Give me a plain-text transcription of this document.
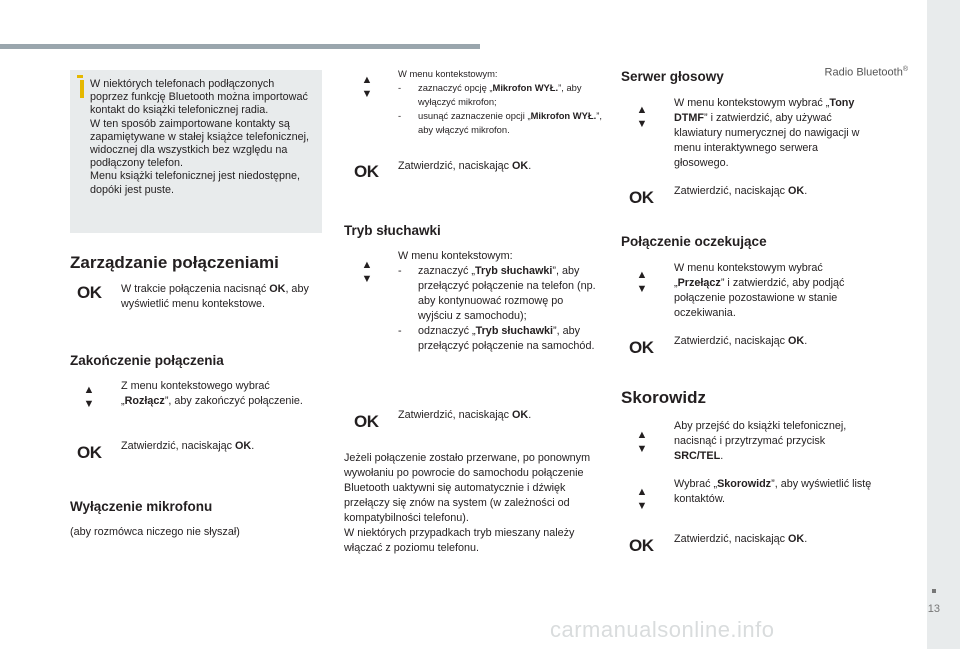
Radio Bluetooth®
13
carmanualsonline.info

W niektórych telefonach podłączonych poprzez funkcję Bluetooth można importować kontakt do książki telefonicznej radia.

W ten sposób zaimportowane kontakty są zapamiętywane w stałej książce telefonicznej, widocznej dla wszystkich bez względu na podłączony telefon.

Menu książki telefonicznej jest niedostępne, dopóki jest puste.

Zarządzanie połączeniami
OK W trakcie połączenia nacisnąć OK, aby wyświetlić menu kontekstowe.
Zakończenie połączenia
▲
▼
Z menu kontekstowego wybrać „Rozłącz”, aby zakończyć połączenie.
OK Zatwierdzić, naciskając OK.
Wyłączenie mikrofonu
(aby rozmówca niczego nie słyszał)
▲
▼
W menu kontekstowym:
- zaznaczyć opcję „Mikrofon WYŁ.”, aby wyłączyć mikrofon;
- usunąć zaznaczenie opcji „Mikrofon WYŁ.”, aby włączyć mikrofon.
OK Zatwierdzić, naciskając OK.
Tryb słuchawki
▲
▼
W menu kontekstowym:
- zaznaczyć „Tryb słuchawki”, aby przełączyć połączenie na telefon (np. aby kontynuować rozmowę po wyjściu z samochodu);
- odznaczyć „Tryb słuchawki”, aby przełączyć połączenie na samochód.
OK Zatwierdzić, naciskając OK.
Jeżeli połączenie zostało przerwane, po ponownym wywołaniu po powrocie do samochodu połączenie Bluetooth uaktywni się automatycznie i dźwięk przełączy się znów na system (w zależności od kompatybilności telefonu).
W niektórych przypadkach tryb mieszany należy włączać z poziomu telefonu.
Serwer głosowy
▲
▼
W menu kontekstowym wybrać „Tony DTMF” i zatwierdzić, aby używać klawiatury numerycznej do nawigacji w menu interaktywnego serwera głosowego.
OK Zatwierdzić, naciskając OK.
Połączenie oczekujące
▲
▼
W menu kontekstowym wybrać „Przełącz” i zatwierdzić, aby podjąć połączenie pozostawione w stanie oczekiwania.
OK Zatwierdzić, naciskając OK.
Skorowidz
▲
▼
Aby przejść do książki telefonicznej, nacisnąć i przytrzymać przycisk SRC/TEL.
▲
▼
Wybrać „Skorowidz”, aby wyświetlić listę kontaktów.
OK Zatwierdzić, naciskając OK.
